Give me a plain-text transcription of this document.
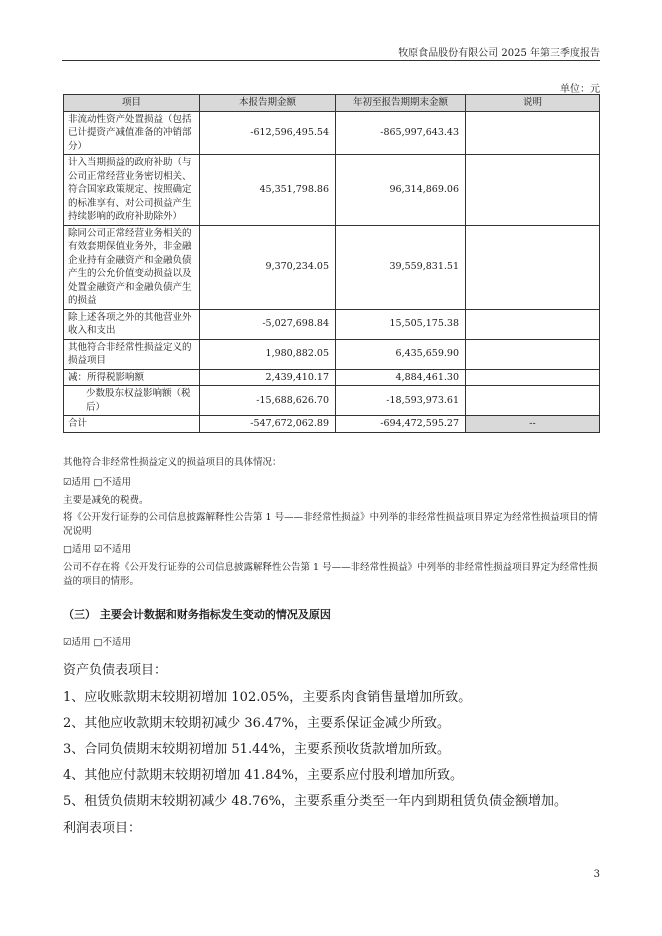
牧原食品股份有限公司 2025 年第三季度报告
单位：元
项目	本报告期金额	年初至报告期期末金额	说明
非流动性资产处置损益（包括已计提资产减值准备的冲销部分）	-612,596,495.54	-865,997,643.43	
计入当期损益的政府补助（与公司正常经营业务密切相关、符合国家政策规定、按照确定的标准享有、对公司损益产生持续影响的政府补助除外）	45,351,798.86	96,314,869.06	
除同公司正常经营业务相关的有效套期保值业务外，非金融企业持有金融资产和金融负债产生的公允价值变动损益以及处置金融资产和金融负债产生的损益	9,370,234.05	39,559,831.51	
除上述各项之外的其他营业外收入和支出	-5,027,698.84	15,505,175.38	
其他符合非经常性损益定义的损益项目	1,980,882.05	6,435,659.90	
减：所得税影响额	2,439,410.17	4,884,461.30	
少数股东权益影响额（税后）	-15,688,626.70	-18,593,973.61	
合计	-547,672,062.89	-694,472,595.27	--
其他符合非经常性损益定义的损益项目的具体情况：
☑适用 □不适用
主要是减免的税费。
将《公开发行证券的公司信息披露解释性公告第 1 号——非经常性损益》中列举的非经常性损益项目界定为经常性损益项目的情况说明
□适用 ☑不适用
公司不存在将《公开发行证券的公司信息披露解释性公告第 1 号——非经常性损益》中列举的非经常性损益项目界定为经常性损益的项目的情形。
（三） 主要会计数据和财务指标发生变动的情况及原因
☑适用 □不适用
资产负债表项目：
1、应收账款期末较期初增加 102.05%，主要系肉食销售量增加所致。
2、其他应收款期末较期初减少 36.47%，主要系保证金减少所致。
3、合同负债期末较期初增加 51.44%，主要系预收货款增加所致。
4、其他应付款期末较期初增加 41.84%，主要系应付股利增加所致。
5、租赁负债期末较期初减少 48.76%，主要系重分类至一年内到期租赁负债金额增加。
利润表项目：
3
